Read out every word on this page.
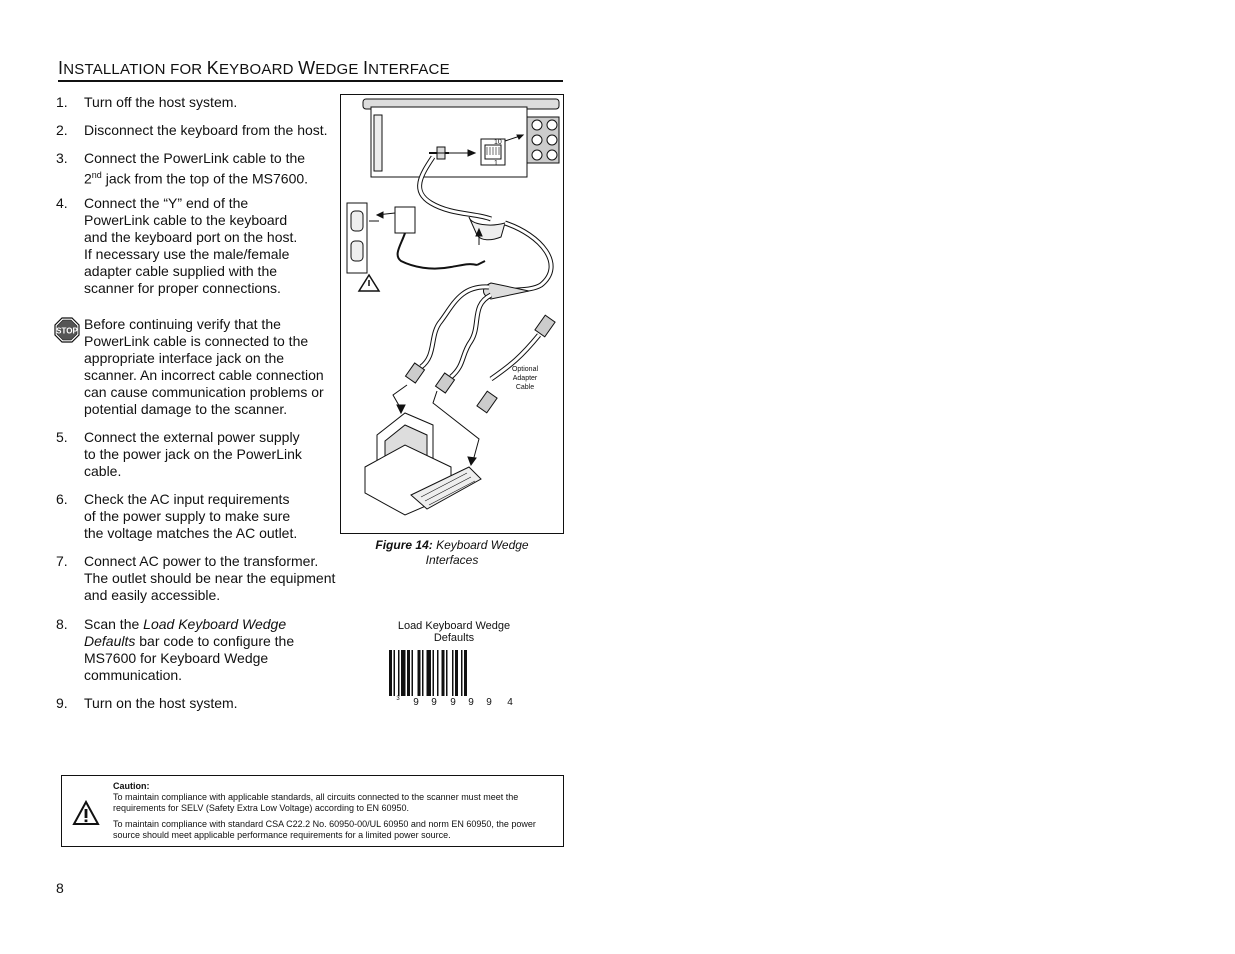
INSTALLATION FOR KEYBOARD WEDGE INTERFACE
1. Turn off the host system.
2. Disconnect the keyboard from the host.
3. Connect the PowerLink cable to the
2nd jack from the top of the MS7600.
4. Connect the “Y” end of the
PowerLink cable to the keyboard
and the keyboard port on the host.
If necessary use the male/female
adapter cable supplied with the
scanner for proper connections.
STOP Before continuing verify that the
PowerLink cable is connected to the
appropriate interface jack on the
scanner. An incorrect cable connection
can cause communication problems or
potential damage to the scanner.
5. Connect the external power supply
to the power jack on the PowerLink
cable.
6. Check the AC input requirements
of the power supply to make sure
the voltage matches the AC outlet.
7. Connect AC power to the transformer.
The outlet should be near the equipment
and easily accessible.
8. Scan the Load Keyboard Wedge Defaults bar code to configure the MS7600 for Keyboard Wedge communication.
9. Turn on the host system.
10
1
Optional
Adapter
Cable
Figure 14: Keyboard Wedge
Interfaces
Load Keyboard Wedge Defaults
3 9 9 9 9 9 4
Caution:

To maintain compliance with applicable standards, all circuits connected to the scanner must meet the requirements for SELV (Safety Extra Low Voltage) according to EN 60950.

To maintain compliance with standard CSA C22.2 No. 60950-00/UL 60950 and norm EN 60950, the power source should meet applicable performance requirements for a limited power source.

8
